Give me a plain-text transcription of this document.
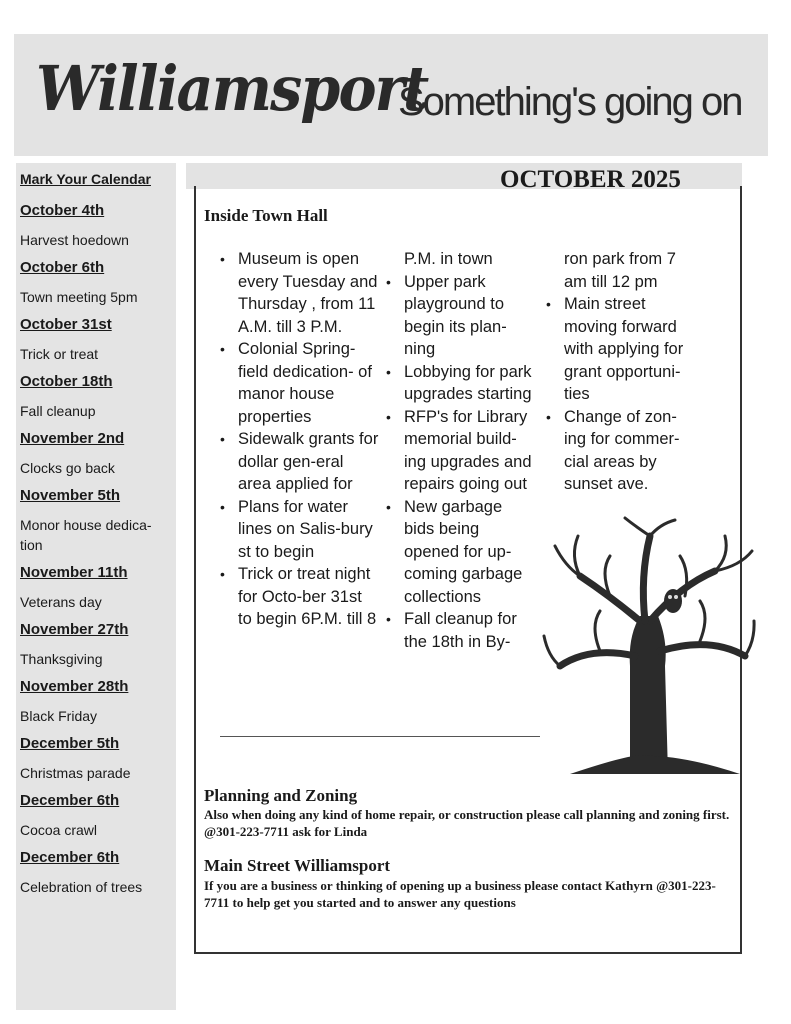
Williamsport
Something's going on
Mark Your Calendar
October 4th
Harvest hoedown
October 6th
Town meeting 5pm
October 31st
Trick or treat
October 18th
Fall cleanup
November 2nd
Clocks go back
November 5th
Monor house dedica-tion
November 11th
Veterans day
November 27th
Thanksgiving
November 28th
Black Friday
December 5th
Christmas parade
December 6th
Cocoa crawl
December 6th
Celebration of trees
OCTOBER 2025
Inside Town Hall
• Museum is open every Tuesday and Thursday , from 11 A.M. till 3 P.M.
• Colonial Spring-field dedication- of manor house properties
• Sidewalk grants for dollar gen-eral area applied for
• Plans for water lines on Salis-bury st to begin
• Trick or treat night for Octo-ber 31st to begin 6P.M. till 8
P.M. in town
• Upper park playground to begin its plan-ning
• Lobbying for park upgrades starting
• RFP's for Library memorial build-ing upgrades and repairs going out
• New garbage bids being opened for up-coming garbage collections
• Fall cleanup for the 18th in By-
ron park from 7 am till 12 pm
• Main street moving forward with applying for grant opportuni-ties
• Change of zon-ing for commer-cial areas by sunset ave.
Planning and Zoning
Also when doing any kind of home repair, or construction please call planning and zoning first. @301-223-7711 ask for Linda
Main Street Williamsport
If you are a business or thinking of opening up a business please contact Kathyrn @301-223-7711 to help get you started and to answer any questions
